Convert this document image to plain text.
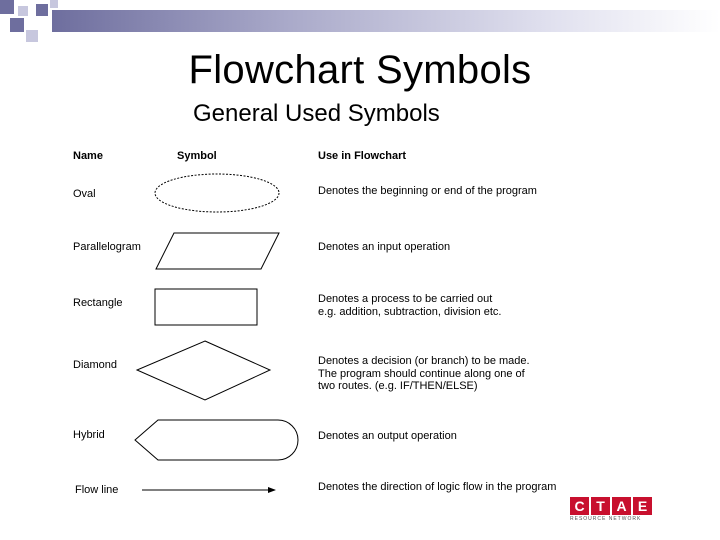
Flowchart Symbols
General Used Symbols
Name	Symbol	Use in Flowchart
Oval
Parallelogram
Rectangle
Diamond
Hybrid
Flow line
Denotes the beginning or end of the program
Denotes an input operation
Denotes a process to be carried out
e.g. addition, subtraction, division etc.
Denotes a decision (or branch) to be made.
The program should continue along one of
two routes. (e.g. IF/THEN/ELSE)
Denotes an output operation
Denotes the direction of logic flow in the program
C T A E
RESOURCE NETWORK
